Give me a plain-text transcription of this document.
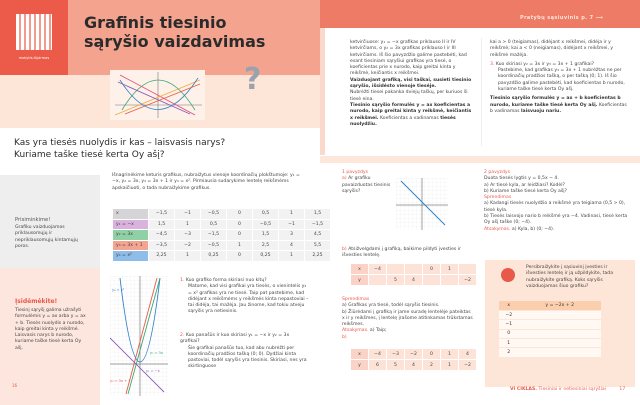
mokytis.lt/pirmas
Grafinis tiesinio
sąryšio vaizdavimas
?
Kas yra tiesės nuolydis ir kas – laisvasis narys?
Kuriame taške tiesė kerta Oy ašį?
Prisiminkime!
Grafiku vaizduojamos priklausomųjų ir nepriklausomųjų kintamųjų poros.
Įsidėmėkite!
Tiesinį sąryšį galima užrašyti formulėmis y = ax arba y = ax + b. Tiesės nuolydis a nurodo, kaip greitai kinta y reikšmė. Laisvasis narys b nurodo, kuriame taške tiesė kerta Oy ašį.
16
Išnagrinėkime keturis grafikus, nubraižytus vienoje koordinačių plokštumoje: y₁ = −x, y₂ = 3x, y₃ = 3x + 1 ir y₄ = x². Pirmiausia sudarykime lentelę reikšmėms apskaičiuoti, o tada nubraižykime grafikus.
x	−1,5	−1	−0,5	0	0,5	1	1,5
y₁ = −x	1,5	1	0,5	0	−0,5	−1	−1,5
y₂ = 3x	−4,5	−3	−1,5	0	1,5	3	4,5
y₃ = 3x + 1	−3,5	−2	−0,5	1	2,5	4	5,5
y₄ = x²	2,25	1	0,25	0	0,25	1	2,25
y₄ = x²
y₂ = 3x
y₁ = −x
y₃ = 3x + 1
1. Kuo grafiko forma skiriasi nuo kitų?
Matome, kad visi grafikai yra tiesės, o vienintelis y₄ = x² grafikas yra ne tiesė. Taip pat pastebime, kad didėjant x reikšmėms y reikšmės kinta nepastoviai – tai didėja, tai mažėja. Jau žinome, kad tokiu atveju sąryšis yra netiesinis.
2. Kuo panašūs ir kuo skiriasi y₁ = −x ir y₂ = 3x grafikai?
Šie grafikai panašūs tuo, kad abu nubrėžti per koordinačių pradžios tašką (0; 0). Dydžiai kinta pastoviai, todėl sąryšis yra tiesinis. Skiriasi, nes yra skirtinguose
Pratybų sąsiuvinis p. 7 ⟶
ketvirčiuose: y₁ = −x grafikas priklauso II ir IV ketvirčiams, o y₂ = 3x grafikas priklauso I ir III ketvirčiams. Iš šio pavyzdžio galime pastebėti, kad esant tiesiniam sąryšiui grafikas yra tiesė, o koeficientas prie x nurodo, kaip greitai kinta y reikšmė, keičiantis x reikšmei.
Vaizduojant grafiką, visi taškai, susieti tiesinio sąryšio, išsidėsto vienoje tiesėje.
Nubrėžti tiesei pakanka dviejų taškų, per kuriuos ši tiesė eina.
Tiesinio sąryšio formulės y = ax koeficientas a nurodo, kaip greitai kinta y reikšmė, keičiantis x reikšmei. Koeficientas a vadinamas tiesės nuolydžiu.
kai a > 0 (teigiamas), didėjant x reikšmei, didėja ir y reikšmė; kai a < 0 (neigiamas), didėjant x reikšmei, y reikšmė mažėja.
3. Kuo skiriasi y₂ = 3x ir y₃ = 3x + 1 grafikai?
Pastebime, kad grafikas y₃ = 3x + 1 nubrėžtas ne per koordinačių pradžios tašką, o per tašką (0; 1). Iš šio pavyzdžio galime pastebėti, kad koeficientas b nurodo, kuriame taške tiesė kerta Oy ašį.
Tiesinio sąryšio formulės y = ax + b koeficientas b nurodo, kuriame taške tiesė kerta Oy ašį. Koeficientas b vadinamas laisvuoju nariu.
1 pavyzdys
a) Ar grafiku pavaizduotas tiesinis sąryšis?
b) Atsižvelgdami į grafiką, baikime pildyti įvesties ir išvesties lentelę.
x	−4			0	1	
y		5	4			−2
Sprendimas
a) Grafikas yra tiesė, todėl sąryšis tiesinis.
b) Žiūrėdami į grafiką ir jame suradę lentelėje pateiktas x ir y reikšmes, į lentelę įrašome atitinkamas trūkstamas reikšmes.
Atsakymas. a) Taip;
b)
x	−4	−3	−2	0	1	4
y	6	5	4	2	1	−2
2 pavyzdys
Duota tiesės lygtis y = 0,5x − 4.
a) Ar tiesė kyla, ar leidžiasi? Kodėl?
b) Kuriame taške tiesė kerta Oy ašį?
Sprendimas
a) Kadangi tiesės nuolydžio a reikšmė yra teigiama (0,5 > 0), tiesė kyla.
b) Tiesės laisvojo nario b reikšmė yra −4. Vadinasi, tiesė kerta Oy ašį taške (0; −4).
Atsakymas. a) Kyla, b) (0; −4).
Persibraižykite į sąsiuvinį įvesties ir išvesties lentelę ir ją užpildykite, tada nubraižykite grafiką. Koks sąryšis vaizduojamas šiuo grafiku?
x	y = −2x + 2
−2	
−1	
0	
1	
2	
VI CIKLAS. Tiesiniai ir netiesiniai sąryšiai	17
